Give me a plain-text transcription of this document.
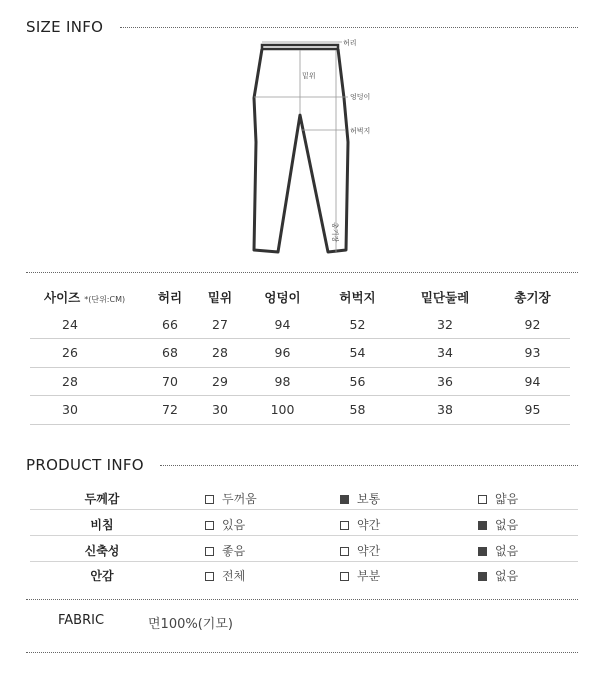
SIZE INFO
허리
밑위
엉덩이
허벅지
총기장
사이즈 *(단위:CM)	허리	밑위	엉덩이	허벅지	밑단둘레	총기장
24	66	27	94	52	32	92
26	68	28	96	54	34	93
28	70	29	98	56	36	94
30	72	30	100	58	38	95
PRODUCT INFO
두께감	두꺼움	보통	얇음
비침	있음	약간	없음
신축성	좋음	약간	없음
안감	전체	부분	없음
FABRIC	면100%(기모)
